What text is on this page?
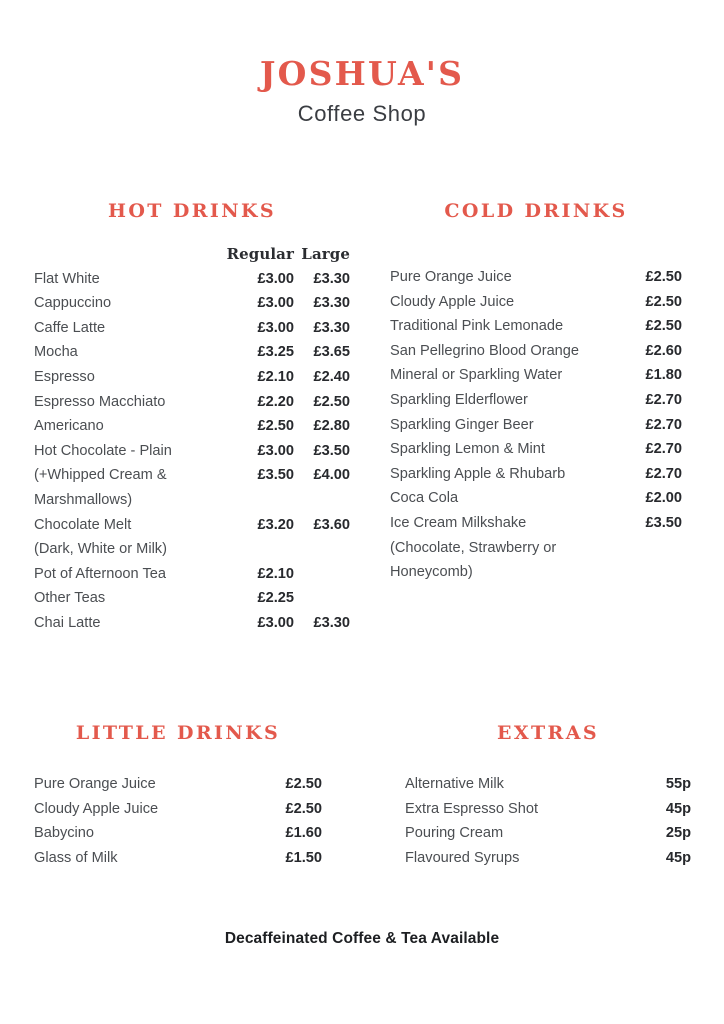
JOSHUA'S
Coffee Shop
HOT DRINKS
	Regular	Large
Flat White	£3.00	£3.30
Cappuccino	£3.00	£3.30
Caffe Latte	£3.00	£3.30
Mocha	£3.25	£3.65
Espresso	£2.10	£2.40
Espresso Macchiato	£2.20	£2.50
Americano	£2.50	£2.80
Hot Chocolate - Plain	£3.00	£3.50
(+Whipped Cream &	£3.50	£4.00
Marshmallows)		
Chocolate Melt	£3.20	£3.60
(Dark, White or Milk)		
Pot of Afternoon Tea	£2.10	
Other Teas	£2.25	
Chai Latte	£3.00	£3.30
COLD DRINKS
Pure Orange Juice	£2.50
Cloudy Apple Juice	£2.50
Traditional Pink Lemonade	£2.50
San Pellegrino Blood Orange	£2.60
Mineral or Sparkling Water	£1.80
Sparkling Elderflower	£2.70
Sparkling Ginger Beer	£2.70
Sparkling Lemon & Mint	£2.70
Sparkling Apple & Rhubarb	£2.70
Coca Cola	£2.00
Ice Cream Milkshake	£3.50
(Chocolate, Strawberry or	
Honeycomb)	
LITTLE DRINKS
Pure Orange Juice	£2.50
Cloudy Apple Juice	£2.50
Babycino	£1.60
Glass of Milk	£1.50
EXTRAS
Alternative Milk	55p
Extra Espresso Shot	45p
Pouring Cream	25p
Flavoured Syrups	45p
Decaffeinated Coffee & Tea Available
